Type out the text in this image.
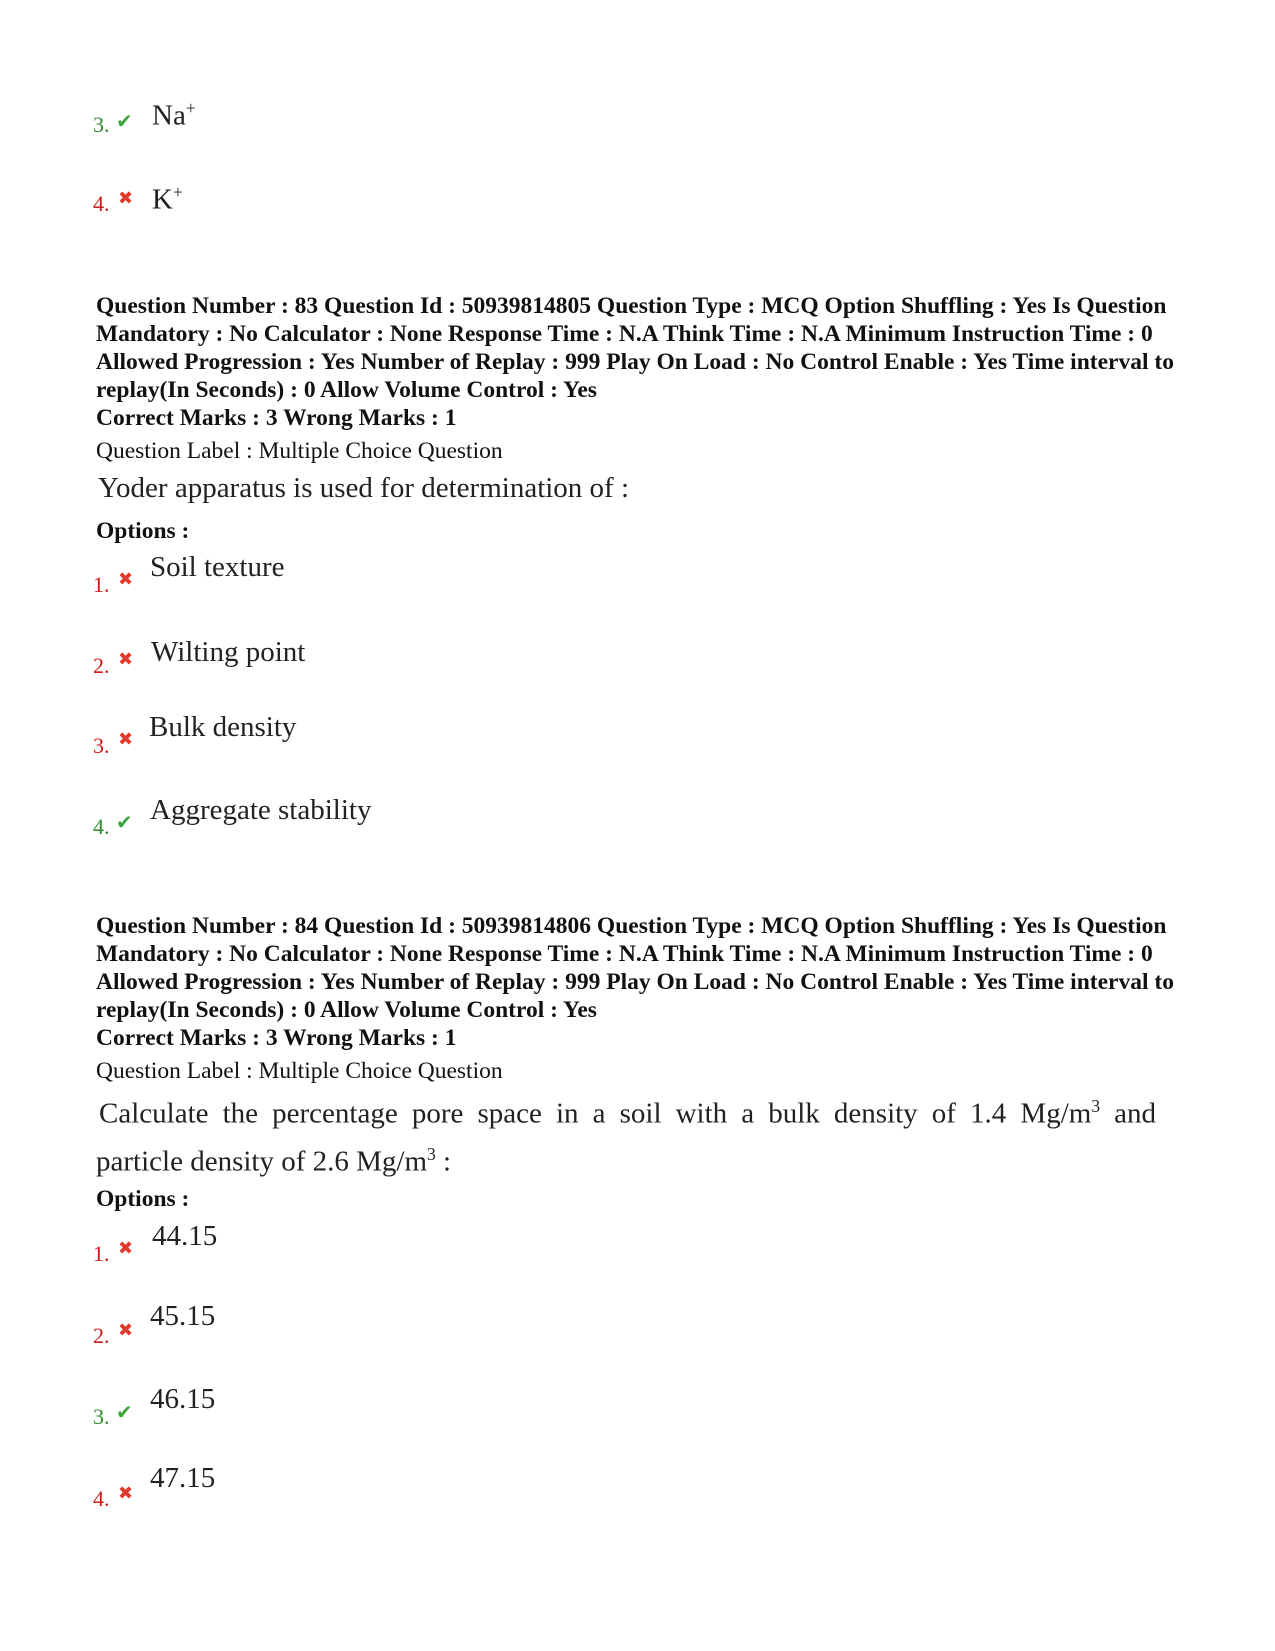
3. ✔ Na+
4. ✖ K+

Question Number : 83 Question Id : 50939814805 Question Type : MCQ Option Shuffling : Yes Is Question Mandatory : No Calculator : None Response Time : N.A Think Time : N.A Minimum Instruction Time : 0 Allowed Progression : Yes Number of Replay : 999 Play On Load : No Control Enable : Yes Time interval to replay(In Seconds) : 0 Allow Volume Control : Yes

Correct Marks : 3 Wrong Marks : 1
Question Label : Multiple Choice Question
Yoder apparatus is used for determination of :
Options :
1. ✖ Soil texture
2. ✖ Wilting point
3. ✖ Bulk density
4. ✔ Aggregate stability

Question Number : 84 Question Id : 50939814806 Question Type : MCQ Option Shuffling : Yes Is Question Mandatory : No Calculator : None Response Time : N.A Think Time : N.A Minimum Instruction Time : 0 Allowed Progression : Yes Number of Replay : 999 Play On Load : No Control Enable : Yes Time interval to replay(In Seconds) : 0 Allow Volume Control : Yes

Correct Marks : 3 Wrong Marks : 1
Question Label : Multiple Choice Question
Calculate the percentage pore space in a soil with a bulk density of 1.4 $Mg/m^3$ and
particle density of 2.6 $Mg/m^3$ :
Options :
1. ✖ 44.15
2. ✖ 45.15
3. ✔ 46.15
4. ✖ 47.15
